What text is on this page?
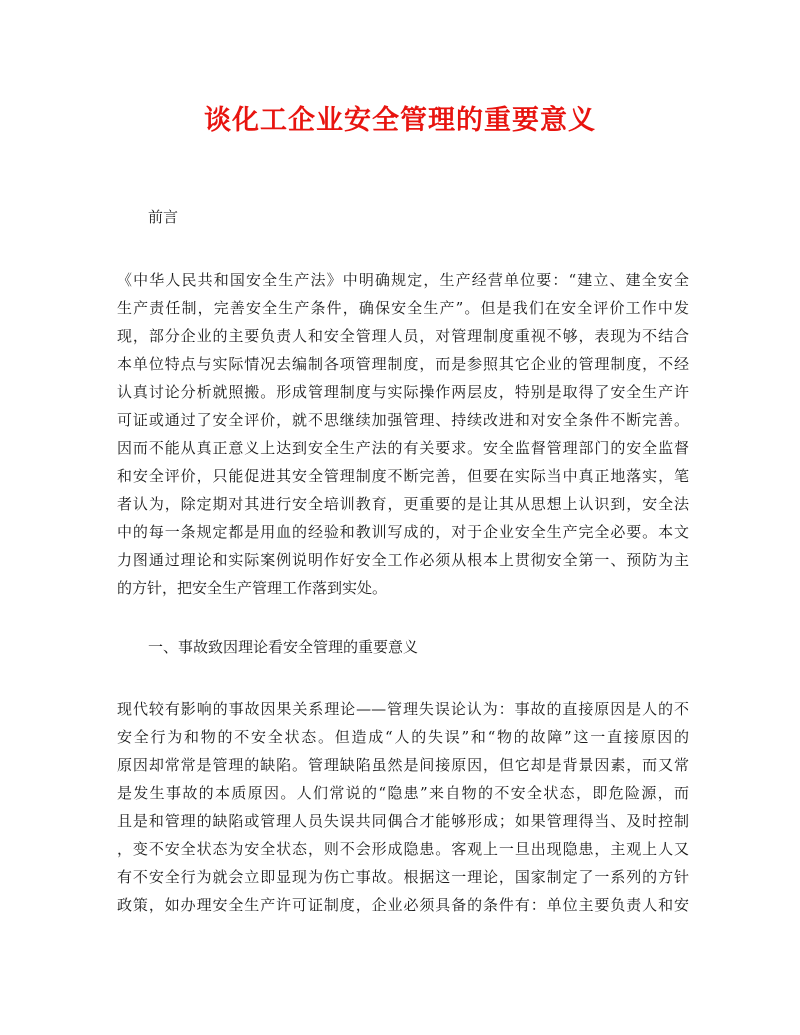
谈化工企业安全管理的重要意义

前言

《中华人民共和国安全生产法》中明确规定，生产经营单位要：“建立、建全安全

生产责任制，完善安全生产条件，确保安全生产”。但是我们在安全评价工作中发

现，部分企业的主要负责人和安全管理人员，对管理制度重视不够，表现为不结合

本单位特点与实际情况去编制各项管理制度，而是参照其它企业的管理制度，不经

认真讨论分析就照搬。形成管理制度与实际操作两层皮，特别是取得了安全生产许

可证或通过了安全评价，就不思继续加强管理、持续改进和对安全条件不断完善。

因而不能从真正意义上达到安全生产法的有关要求。安全监督管理部门的安全监督

和安全评价，只能促进其安全管理制度不断完善，但要在实际当中真正地落实，笔

者认为，除定期对其进行安全培训教育，更重要的是让其从思想上认识到，安全法

中的每一条规定都是用血的经验和教训写成的，对于企业安全生产完全必要。本文

力图通过理论和实际案例说明作好安全工作必须从根本上贯彻安全第一、预防为主

的方针，把安全生产管理工作落到实处。

一、事故致因理论看安全管理的重要意义

现代较有影响的事故因果关系理论——管理失误论认为：事故的直接原因是人的不

安全行为和物的不安全状态。但造成“人的失误”和“物的故障”这一直接原因的

原因却常常是管理的缺陷。管理缺陷虽然是间接原因，但它却是背景因素，而又常

是发生事故的本质原因。人们常说的“隐患”来自物的不安全状态，即危险源，而

且是和管理的缺陷或管理人员失误共同偶合才能够形成；如果管理得当、及时控制

，变不安全状态为安全状态，则不会形成隐患。客观上一旦出现隐患，主观上人又

有不安全行为就会立即显现为伤亡事故。根据这一理论，国家制定了一系列的方针

政策，如办理安全生产许可证制度，企业必须具备的条件有：单位主要负责人和安
